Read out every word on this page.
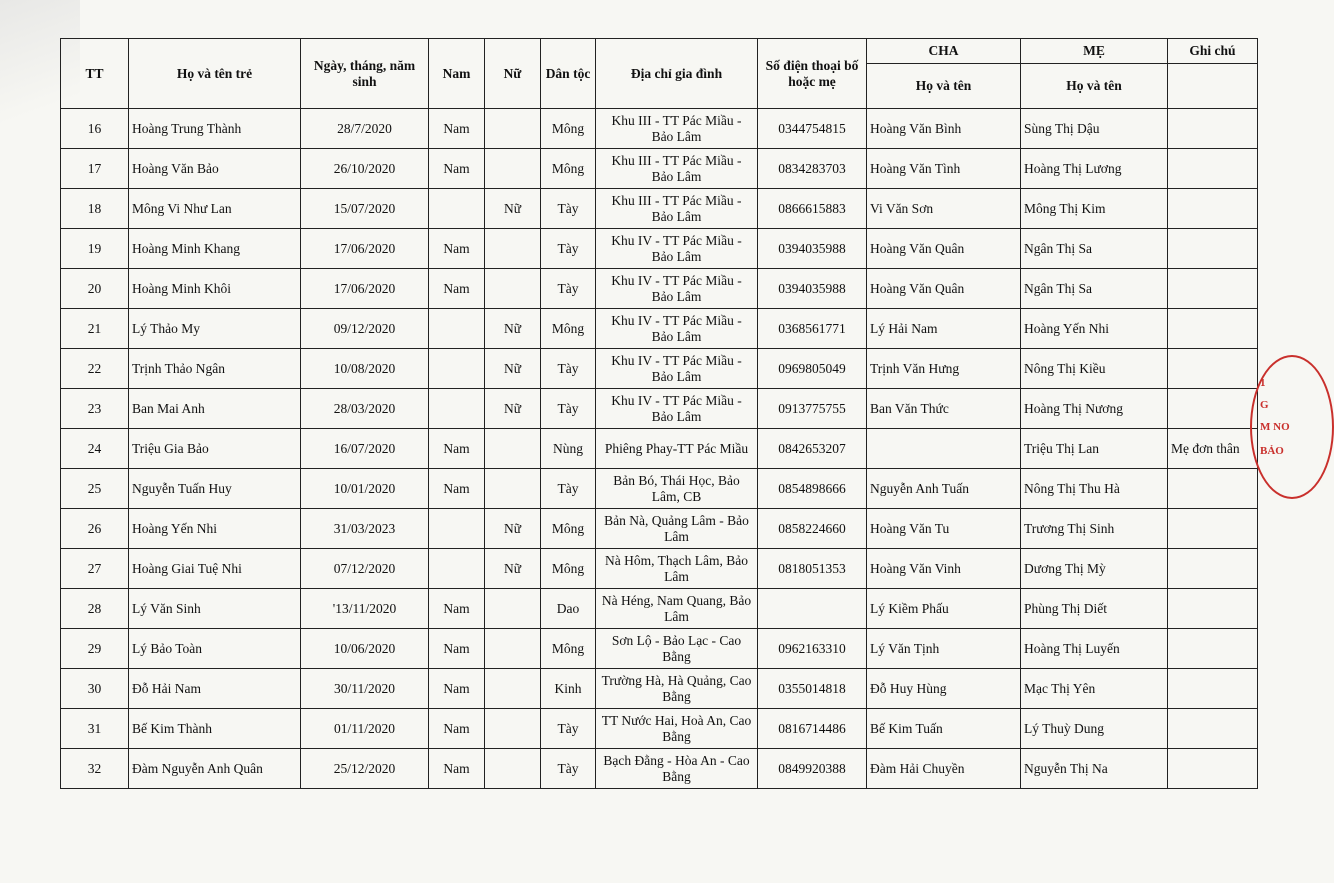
TT	Họ và tên trẻ	Ngày, tháng, năm sinh	Nam	Nữ	Dân tộc	Địa chỉ gia đình	Số điện thoại bố hoặc mẹ	CHA	MẸ	Ghi chú
								Họ và tên	Họ và tên	
16	Hoàng Trung Thành	28/7/2020	Nam		Mông	Khu III - TT Pác Miầu - Bảo Lâm	0344754815	Hoàng Văn Bình	Sùng Thị Dậu	
17	Hoàng Văn Bảo	26/10/2020	Nam		Mông	Khu III - TT Pác Miầu - Bảo Lâm	0834283703	Hoàng Văn Tình	Hoàng Thị Lương	
18	Mông Vi Như Lan	15/07/2020		Nữ	Tày	Khu III - TT Pác Miầu - Bảo Lâm	0866615883	Vi Văn Sơn	Mông Thị Kim	
19	Hoàng Minh Khang	17/06/2020	Nam		Tày	Khu IV - TT Pác Miầu - Bảo Lâm	0394035988	Hoàng Văn Quân	Ngân Thị Sa	
20	Hoàng Minh Khôi	17/06/2020	Nam		Tày	Khu IV - TT Pác Miầu - Bảo Lâm	0394035988	Hoàng Văn Quân	Ngân Thị Sa	
21	Lý Thảo My	09/12/2020		Nữ	Mông	Khu IV - TT Pác Miầu - Bảo Lâm	0368561771	Lý Hải Nam	Hoàng Yến Nhi	
22	Trịnh Thảo Ngân	10/08/2020		Nữ	Tày	Khu IV - TT Pác Miầu - Bảo Lâm	0969805049	Trịnh Văn Hưng	Nông Thị Kiều	
23	Ban Mai Anh	28/03/2020		Nữ	Tày	Khu IV - TT Pác Miầu - Bảo Lâm	0913775755	Ban Văn Thức	Hoàng Thị Nương	
24	Triệu Gia Bảo	16/07/2020	Nam		Nùng	Phiêng Phay-TT Pác Miầu	0842653207		Triệu Thị Lan	Mẹ đơn thân
25	Nguyễn Tuấn Huy	10/01/2020	Nam		Tày	Bản Bó, Thái Học, Bảo Lâm, CB	0854898666	Nguyễn Anh Tuấn	Nông Thị Thu Hà	
26	Hoàng Yến Nhi	31/03/2023		Nữ	Mông	Bản Nà, Quảng Lâm - Bảo Lâm	0858224660	Hoàng Văn Tu	Trương Thị Sinh	
27	Hoàng Giai Tuệ Nhi	07/12/2020		Nữ	Mông	Nà Hôm, Thạch Lâm, Bảo Lâm	0818051353	Hoàng Văn Vinh	Dương Thị Mỳ	
28	Lý Văn Sinh	'13/11/2020	Nam		Dao	Nà Héng, Nam Quang, Bảo Lâm		Lý Kiềm Phấu	Phùng Thị Diết	
29	Lý Bảo Toàn	10/06/2020	Nam		Mông	Sơn Lộ - Bảo Lạc - Cao Bằng	0962163310	Lý Văn Tịnh	Hoàng Thị Luyến	
30	Đỗ Hải Nam	30/11/2020	Nam		Kinh	Trường Hà, Hà Quảng, Cao Bằng	0355014818	Đỗ Huy Hùng	Mạc Thị Yên	
31	Bế Kim Thành	01/11/2020	Nam		Tày	TT Nước Hai, Hoà An, Cao Bằng	0816714486	Bế Kim Tuấn	Lý Thuỳ Dung	
32	Đàm Nguyễn Anh Quân	25/12/2020	Nam		Tày	Bạch Đằng - Hòa An - Cao Bằng	0849920388	Đàm Hải Chuyền	Nguyễn Thị Na	
1
G
M NO
BẢO
